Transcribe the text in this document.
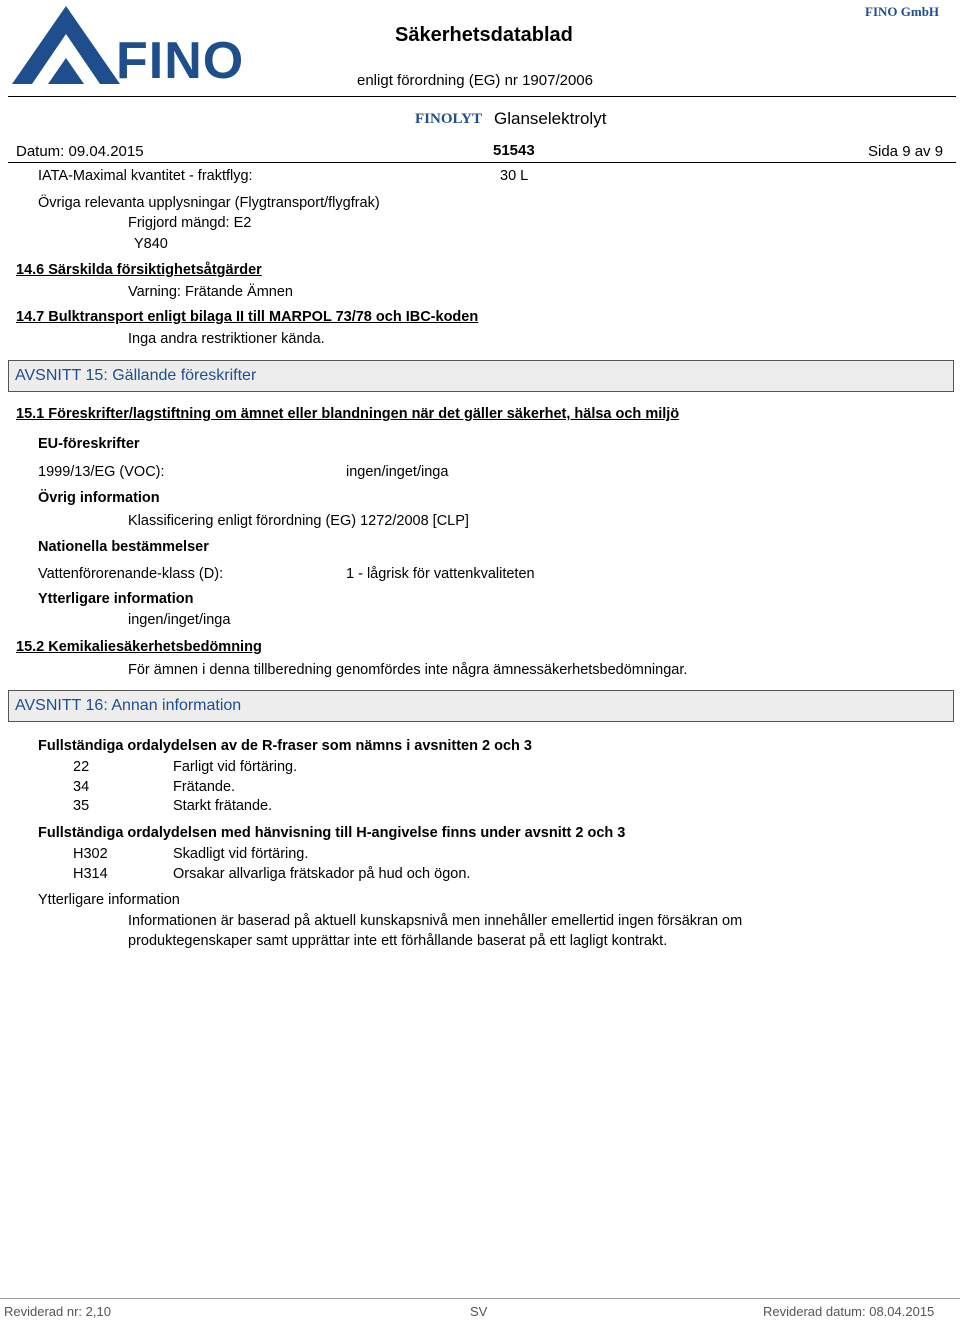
FINO	Säkerhetsdatablad
enligt förordning (EG) nr 1907/2006
FINO GmbH
FINOLYT Glanselektrolyt
Datum: 09.04.2015	51543	Sida 9 av 9
IATA-Maximal kvantitet - fraktflyg:	30 L
Övriga relevanta upplysningar (Flygtransport/flygfrak)
Frigjord mängd: E2
Y840
14.6 Särskilda försiktighetsåtgärder
Varning: Frätande Ämnen
14.7 Bulktransport enligt bilaga II till MARPOL 73/78 och IBC-koden
Inga andra restriktioner kända.
AVSNITT 15: Gällande föreskrifter
15.1 Föreskrifter/lagstiftning om ämnet eller blandningen när det gäller säkerhet, hälsa och miljö
EU-föreskrifter
1999/13/EG (VOC):	ingen/inget/inga
Övrig information
Klassificering enligt förordning (EG) 1272/2008 [CLP]
Nationella bestämmelser
Vattenförorenande-klass (D):	1 - lågrisk för vattenkvaliteten
Ytterligare information
ingen/inget/inga
15.2 Kemikaliesäkerhetsbedömning
För ämnen i denna tillberedning genomfördes inte några ämnessäkerhetsbedömningar.
AVSNITT 16: Annan information
Fullständiga ordalydelsen av de R-fraser som nämns i avsnitten 2 och 3
22	Farligt vid förtäring.
34	Frätande.
35	Starkt frätande.
Fullständiga ordalydelsen med hänvisning till H-angivelse finns under avsnitt 2 och 3
H302	Skadligt vid förtäring.
H314	Orsakar allvarliga frätskador på hud och ögon.
Ytterligare information
Informationen är baserad på aktuell kunskapsnivå men innehåller emellertid ingen försäkran om
produktegenskaper samt upprättar inte ett förhållande baserat på ett lagligt kontrakt.
Reviderad nr: 2,10	SV	Reviderad datum: 08.04.2015
